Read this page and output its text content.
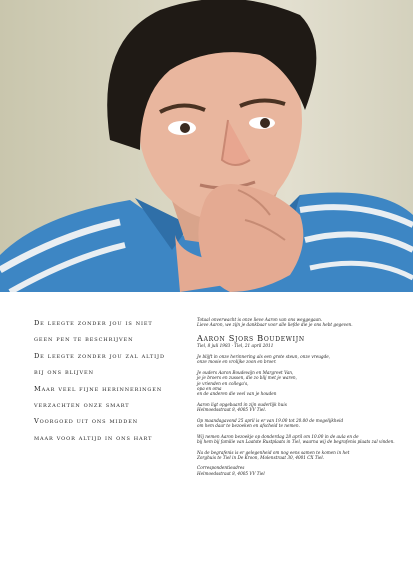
De leegte zonder jou is niet

geen pen te beschrijven

De leegte zonder jou zal altijd

bij ons blijven

Maar veel fijne herinneringen

verzachten onze smart

Voorgoed uit ons midden

maar voor altijd in ons hart

Totaal onverwacht is onze lieve Aaron van ons weggegaan.
Lieve Aaron, we zijn je dankbaar voor alle liefde die je ons hebt gegeven.
Aaron Sjors Boudewijn
Tiel, 8 juli 1983 · Tiel, 21 april 2011
Je blijft in onze herinnering als een grote steun, onze vreugde,
onze mooie en vrolijke zoon en broer.
Je ouders Aaron Boudewijn en Margreet Van,
je je broers en zussen, die zo blij met je waren,
je vrienden en collega's,
opa en oma
en de anderen die veel van je houden
Aaron ligt opgebaard in zijn ouderlijk huis
Helmoedsstraat 8, 4005 VV Tiel.
Op maandagavond 25 april is er van 19.00 tot 20.00 de mogelijkheid
om hem daar te bezoeken en afscheid te nemen.
Wij nemen Aaron bezoekje op donderdag 28 april om 10.00 in de aula en de
bij hem bij familie van Laatste Rustplaats in Tiel, waarna wij de begrafenis plaats zal vinden.
Na de begrafenis is er gelegenheid om nog eens samen te komen in het
Zorghuis te Tiel in De Kroon, Molenstraat 30, 4001 CX Tiel.
Correspondentieadres
Helmoedsstraat 8, 4005 VV Tiel
